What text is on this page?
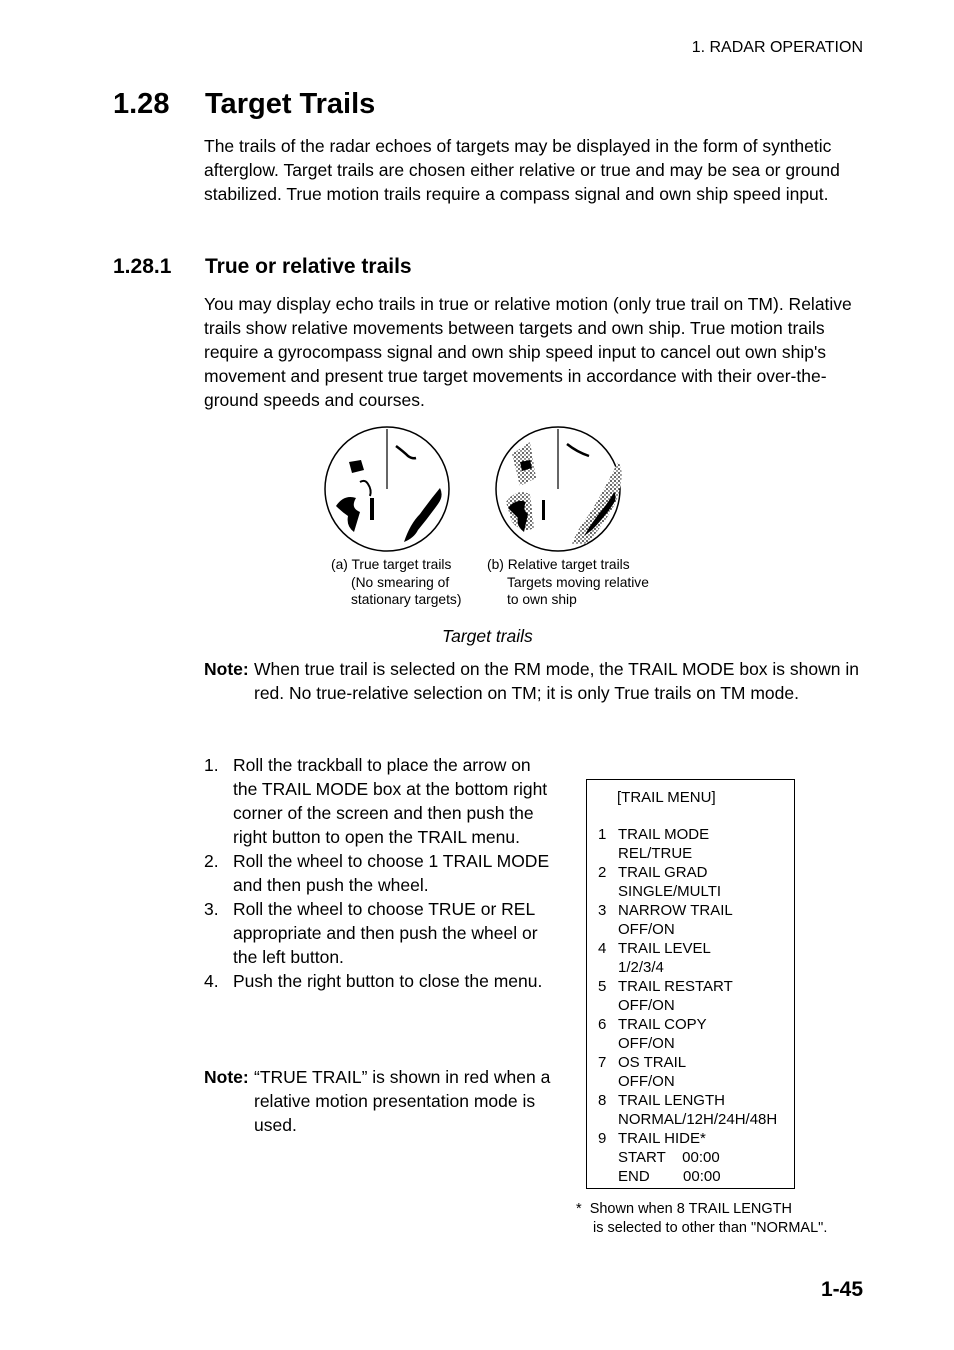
1. RADAR OPERATION
1.28 Target Trails
The trails of the radar echoes of targets may be displayed in the form of synthetic afterglow. Target trails are chosen either relative or true and may be sea or ground stabilized. True motion trails require a compass signal and own ship speed input.
1.28.1 True or relative trails
You may display echo trails in true or relative motion (only true trail on TM). Relative trails show relative movements between targets and own ship. True motion trails require a gyrocompass signal and own ship speed input to cancel out own ship's movement and present true target movements in accordance with their over-the-ground speeds and courses.
(a) True target trails
(No smearing of
stationary targets)
(b) Relative target trails
Targets moving relative
to own ship
Target trails
Note: When true trail is selected on the RM mode, the TRAIL MODE box is shown in red. No true-relative selection on TM; it is only True trails on TM mode.
1. Roll the trackball to place the arrow on the TRAIL MODE box at the bottom right corner of the screen and then push the right button to open the TRAIL menu.
2. Roll the wheel to choose 1 TRAIL MODE and then push the wheel.
3. Roll the wheel to choose TRUE or REL appropriate and then push the wheel or the left button.
4. Push the right button to close the menu.
Note: “TRUE TRAIL” is shown in red when a relative motion presentation mode is used.
[TRAIL MENU]
1 TRAIL MODE
REL/TRUE
2 TRAIL GRAD
SINGLE/MULTI
3 NARROW TRAIL
OFF/ON
4 TRAIL LEVEL
1/2/3/4
5 TRAIL RESTART
OFF/ON
6 TRAIL COPY
OFF/ON
7 OS TRAIL
OFF/ON
8 TRAIL LENGTH
NORMAL/12H/24H/48H
9 TRAIL HIDE*
START    00:00
END        00:00
*  Shown when 8 TRAIL LENGTH
is selected to other than "NORMAL".
1-45
